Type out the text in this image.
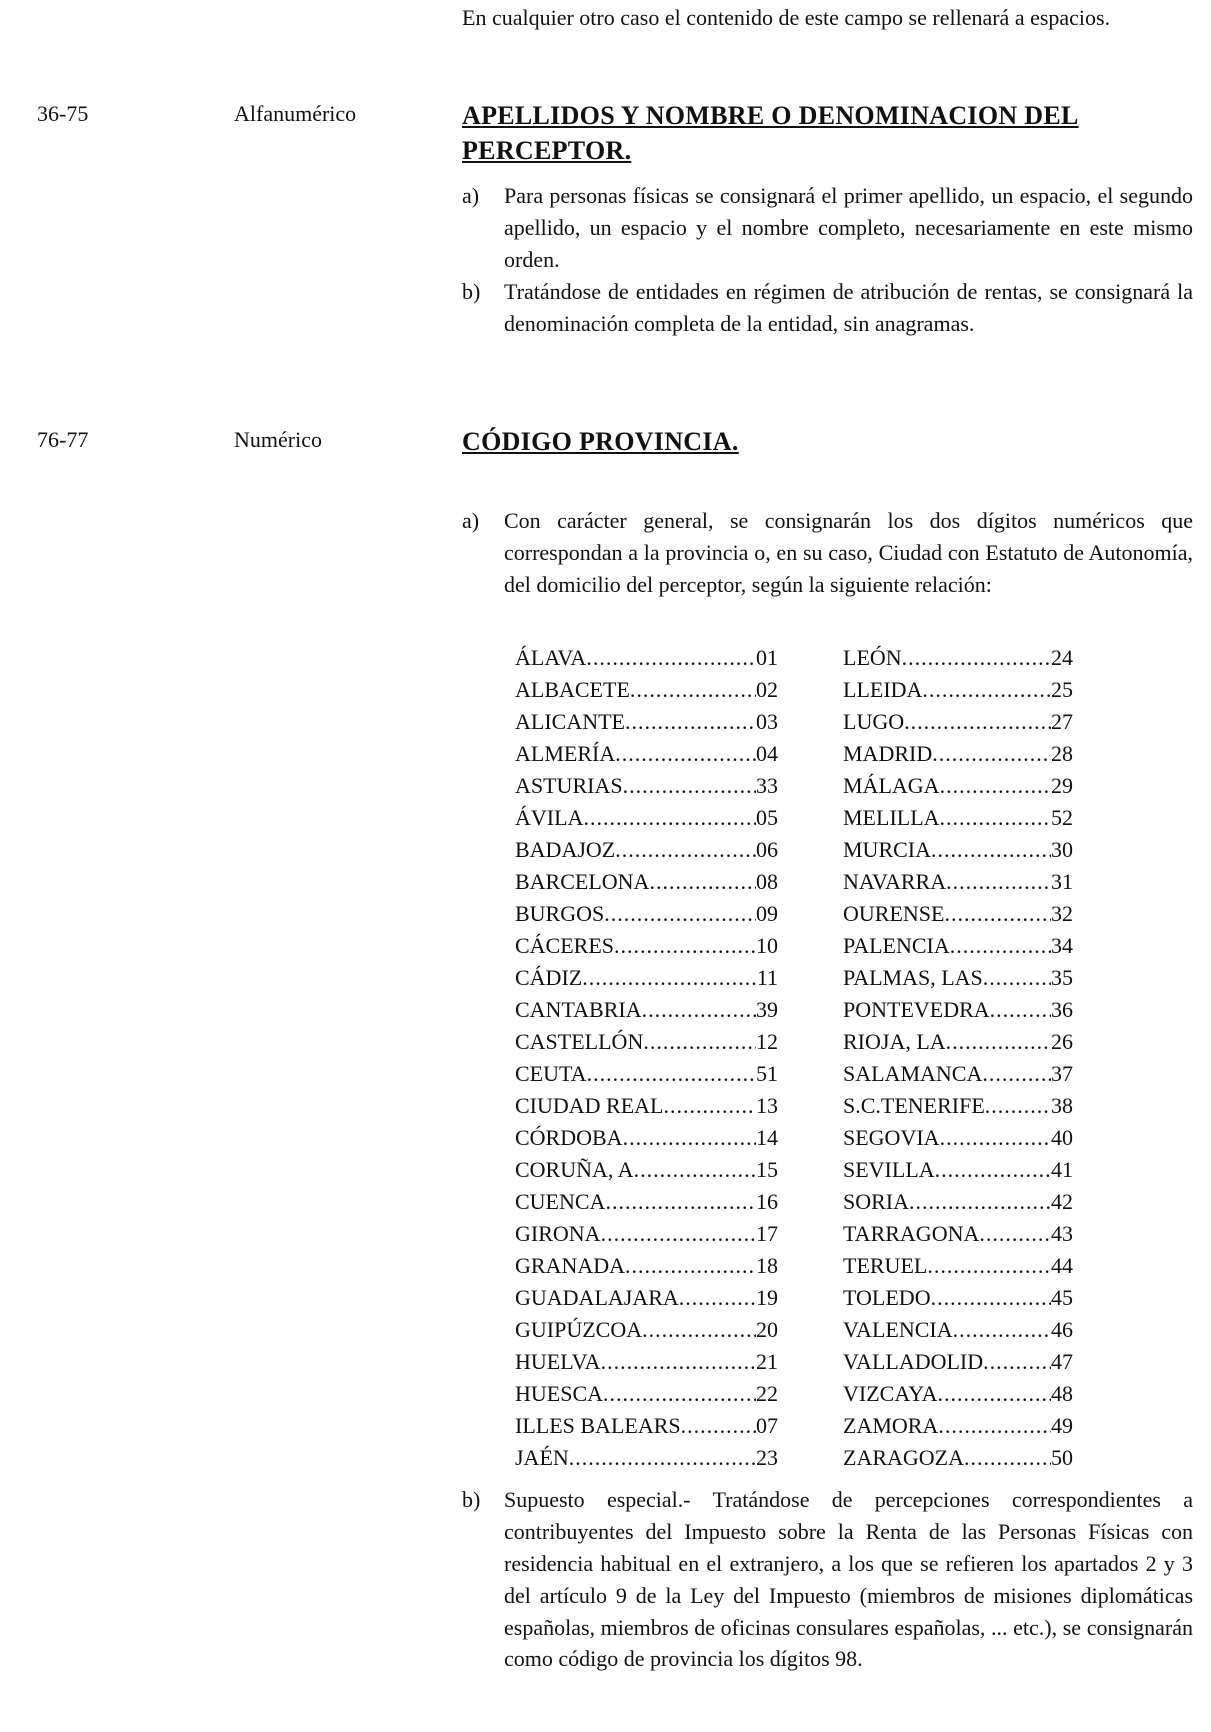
En cualquier otro caso el contenido de este campo se rellenará a espacios.

36-75	Alfanumérico	APELLIDOS Y NOMBRE O DENOMINACION DEL PERCEPTOR.
a)	Para personas físicas se consignará el primer apellido, un espacio, el segundo apellido, un espacio y el nombre completo, necesariamente en este mismo orden.
b)	Tratándose de entidades en régimen de atribución de rentas, se consignará la denominación completa de la entidad, sin anagramas.
76-77	Numérico	CÓDIGO PROVINCIA.
a)	Con carácter general, se consignarán los dos dígitos numéricos que correspondan a la provincia o, en su caso, Ciudad con Estatuto de Autonomía, del domicilio del perceptor, según la siguiente relación:
ÁLAVA .....	01
ALBACETE .....	02
ALICANTE .....	03
ALMERÍA .....	04
ASTURIAS .....	33
ÁVILA .....	05
BADAJOZ .....	06
BARCELONA .....	08
BURGOS .....	09
CÁCERES .....	10
CÁDIZ .....	11
CANTABRIA .....	39
CASTELLÓN .....	12
CEUTA .....	51
CIUDAD REAL .....	13
CÓRDOBA .....	14
CORUÑA, A .....	15
CUENCA .....	16
GIRONA .....	17
GRANADA .....	18
GUADALAJARA .....	19
GUIPÚZCOA .....	20
HUELVA .....	21
HUESCA .....	22
ILLES BALEARS .....	07
JAÉN .....	23
LEÓN .....	24
LLEIDA .....	25
LUGO .....	27
MADRID .....	28
MÁLAGA .....	29
MELILLA .....	52
MURCIA .....	30
NAVARRA .....	31
OURENSE .....	32
PALENCIA .....	34
PALMAS, LAS .....	35
PONTEVEDRA .....	36
RIOJA, LA .....	26
SALAMANCA .....	37
S.C.TENERIFE .....	38
SEGOVIA .....	40
SEVILLA .....	41
SORIA .....	42
TARRAGONA .....	43
TERUEL .....	44
TOLEDO .....	45
VALENCIA .....	46
VALLADOLID .....	47
VIZCAYA .....	48
ZAMORA .....	49
ZARAGOZA .....	50
b)	Supuesto especial.- Tratándose de percepciones correspondientes a contribuyentes del Impuesto sobre la Renta de las Personas Físicas con residencia habitual en el extranjero, a los que se refieren los apartados 2 y 3 del artículo 9 de la Ley del Impuesto (miembros de misiones diplomáticas españolas, miembros de oficinas consulares españolas, ... etc.), se consignarán como código de provincia los dígitos 98.
